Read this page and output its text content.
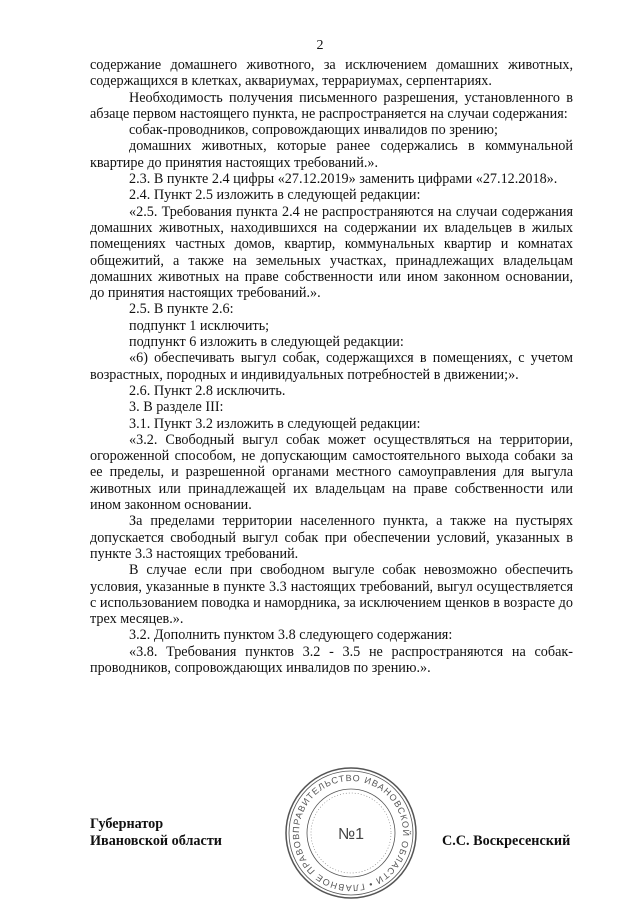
2

содержание домашнего животного, за исключением домашних животных, содержащихся в клетках, аквариумах, террариумах, серпентариях.

Необходимость получения письменного разрешения, установленного в абзаце первом настоящего пункта, не распространяется на случаи содержания:

собак-проводников, сопровождающих инвалидов по зрению;

домашних животных, которые ранее содержались в коммунальной квартире до принятия настоящих требований.».

2.3. В пункте 2.4 цифры «27.12.2019» заменить цифрами «27.12.2018».

2.4. Пункт 2.5 изложить в следующей редакции:

«2.5. Требования пункта 2.4 не распространяются на случаи содержания домашних животных, находившихся на содержании их владельцев в жилых помещениях частных домов, квартир, коммунальных квартир и комнатах общежитий, а также на земельных участках, принадлежащих владельцам домашних животных на праве собственности или ином законном основании, до принятия настоящих требований.».

2.5. В пункте 2.6:

подпункт 1 исключить;

подпункт 6 изложить в следующей редакции:

«6) обеспечивать выгул собак, содержащихся в помещениях, с учетом возрастных, породных и индивидуальных потребностей в движении;».

2.6. Пункт 2.8 исключить.

3. В разделе III:

3.1. Пункт 3.2 изложить в следующей редакции:

«3.2. Свободный выгул собак может осуществляться на территории, огороженной способом, не допускающим самостоятельного выхода собаки за ее пределы, и разрешенной органами местного самоуправления для выгула животных или принадлежащей их владельцам на праве собственности или ином законном основании.

За пределами территории населенного пункта, а также на пустырях допускается свободный выгул собак при обеспечении условий, указанных в пункте 3.3 настоящих требований.

В случае если при свободном выгуле собак невозможно обеспечить условия, указанные в пункте 3.3 настоящих требований, выгул осуществляется с использованием поводка и намордника, за исключением щенков в возрасте до трех месяцев.».

3.2. Дополнить пунктом 3.8 следующего содержания:

«3.8. Требования пунктов 3.2 - 3.5 не распространяются на собак-проводников, сопровождающих инвалидов по зрению.».

Губернатор
Ивановской области	С.С. Воскресенский
ПРАВИТЕЛЬСТВО ИВАНОВСКОЙ ОБЛАСТИ • ГЛАВНОЕ ПРАВОВ	№1
